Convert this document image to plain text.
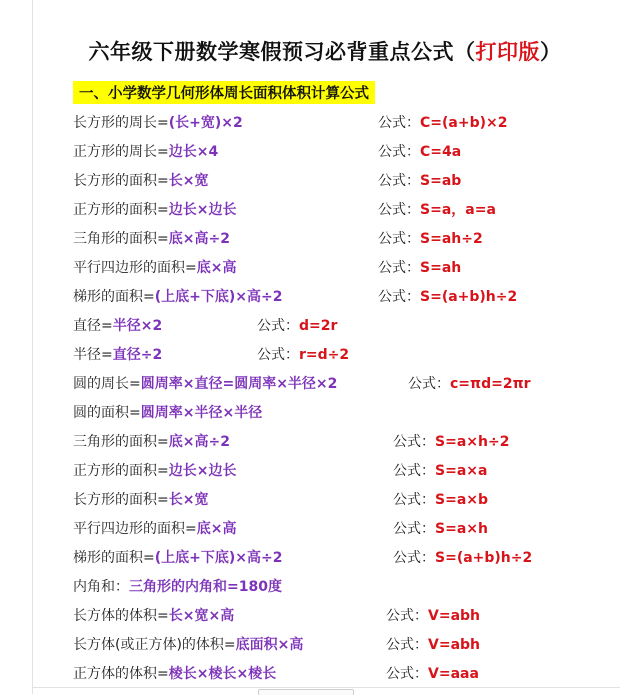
六年级下册数学寒假预习必背重点公式（打印版）
一、小学数学几何形体周长面积体积计算公式
长方形的周长=(长+宽)×2	公式：C=(a+b)×2
正方形的周长=边长×4	公式：C=4a
长方形的面积=长×宽	公式：S=ab
正方形的面积=边长×边长	公式：S=a，a=a
三角形的面积=底×高÷2	公式：S=ah÷2
平行四边形的面积=底×高	公式：S=ah
梯形的面积=(上底+下底)×高÷2	公式：S=(a+b)h÷2
直径=半径×2	公式：d=2r
半径=直径÷2	公式：r=d÷2
圆的周长=圆周率×直径=圆周率×半径×2	公式：c=πd=2πr
圆的面积=圆周率×半径×半径
三角形的面积=底×高÷2	公式：S=a×h÷2
正方形的面积=边长×边长	公式：S=a×a
长方形的面积=长×宽	公式：S=a×b
平行四边形的面积=底×高	公式：S=a×h
梯形的面积=(上底+下底)×高÷2	公式：S=(a+b)h÷2
内角和：三角形的内角和=180度
长方体的体积=长×宽×高	公式：V=abh
长方体(或正方体)的体积=底面积×高	公式：V=abh
正方体的体积=棱长×棱长×棱长	公式：V=aaa
